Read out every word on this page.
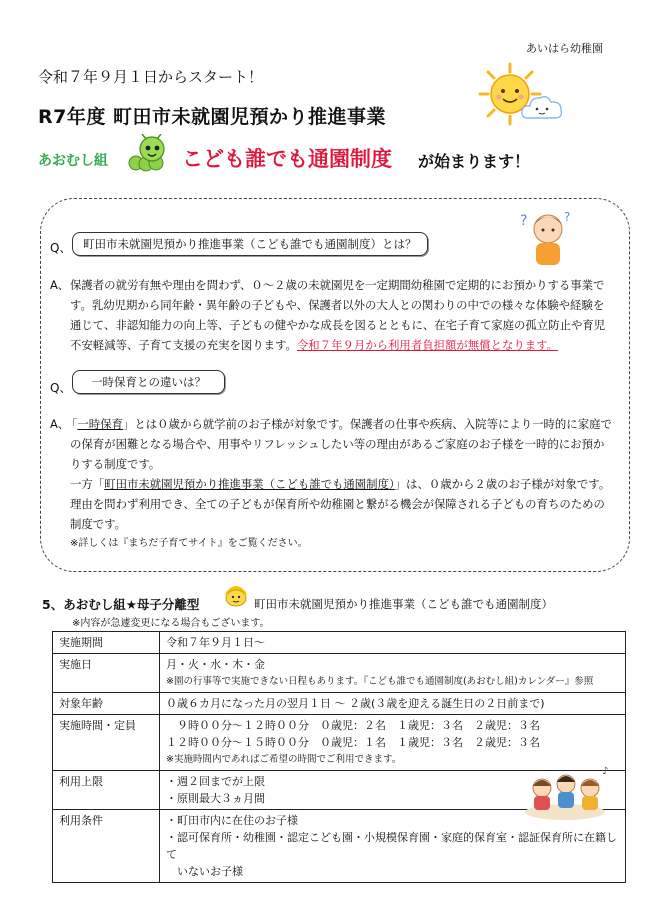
あいはら幼稚園
令和７年９月１日からスタート！
R7年度 町田市未就園児預かり推進事業
あおむし組	こども誰でも通園制度 が始まります！
?	?
Q、	町田市未就園児預かり推進事業（こども誰でも通園制度）とは？
A、 保護者の就労有無や理由を問わず、０～２歳の未就園児を一定期間幼稚園で定期的にお預かりする事業で
す。乳幼児期から同年齢・異年齢の子どもや、保護者以外の大人との関わりの中での様々な体験や経験を
通じて、非認知能力の向上等、子どもの健やかな成長を図るとともに、在宅子育て家庭の孤立防止や育児
不安軽減等、子育て支援の充実を図ります。令和７年９月から利用者負担額が無償となります。
Q、	一時保育との違いは？
A、
「一時保育」とは０歳から就学前のお子様が対象です。保護者の仕事や疾病、入院等により一時的に家庭で
の保育が困難となる場合や、用事やリフレッシュしたい等の理由があるご家庭のお子様を一時的にお預か
りする制度です。
一方「町田市未就園児預かり推進事業（こども誰でも通園制度）」は、０歳から２歳のお子様が対象です。
理由を問わず利用でき、全ての子どもが保育所や幼稚園と繋がる機会が保障される子どもの育ちのための
制度です。
※詳しくは『まちだ子育てサイト』をご覧ください。
5、あおむし組★母子分離型	町田市未就園児預かり推進事業（こども誰でも通園制度）
※内容が急遽変更になる場合もございます。
実施期間	令和７年９月１日～

実施日	月・火・水・木・金
※園の行事等で実施できない日程もあります。『こども誰でも通園制度(あおむし組)カレンダー』参照

対象年齢	０歳６カ月になった月の翌月１日 ～ ２歳(３歳を迎える誕生日の２日前まで)

実施時間・定員	　９時００分～１２時００分　０歳児：２名　１歳児：３名　２歳児：３名
１２時００分～１５時００分　０歳児：１名　１歳児：３名　２歳児：３名
※実施時間内であればご希望の時間でご利用できます。

利用上限	・週２回までが上限
・原則最大３ヵ月間

利用条件	・町田市内に在住のお子様
・認可保育所・幼稚園・認定こども園・小規模保育園・家庭的保育室・認証保育所に在籍して
　いないお子様
♪
